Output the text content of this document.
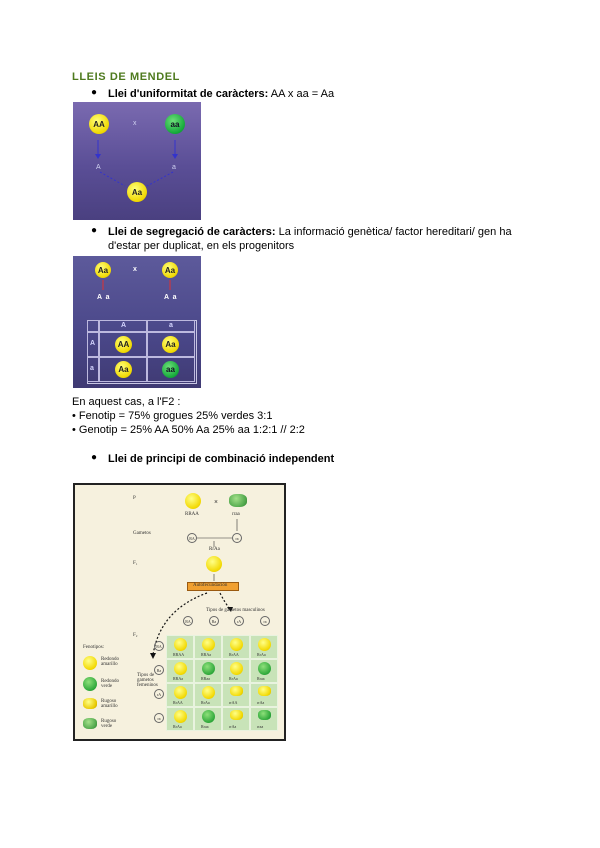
LLEIS DE MENDEL
● Llei d'uniformitat de caràcters: AA x aa = Aa
AA	x	aa
A	a
Aa
● Llei de segregació de caràcters: La informació genètica/ factor hereditari/ gen ha d'estar per duplicat, en els progenitors
Aa	x	Aa
A  a	A  a
A	a
A
a
AA	Aa
Aa	aa
En aquest cas, a l'F2 :
• Fenotip = 75% grogues 25% verdes 3:1
• Genotip = 25% AA 50% Aa 25% aa 1:2:1 // 2:2
● Llei de principi de combinació independent
P	×
RRAA	rraa
Gametos
RA	ra
RrAa
F₁
Autofecundación
Tipos de gametos masculinos
RA	Ra	rA	ra
F₂
RA
Ra
rA
ra
Tipos de gametos femeninos
Fenotipos:
Redondo amarillo
Redondo verde
Rugoso amarillo
Rugoso verde
RRAA	RRAa	RrAA	RrAa
RRAa	RRaa	RrAa	Rraa
RrAA	RrAa	rrAA	rrAa
RrAa	Rraa	rrAa	rraa
